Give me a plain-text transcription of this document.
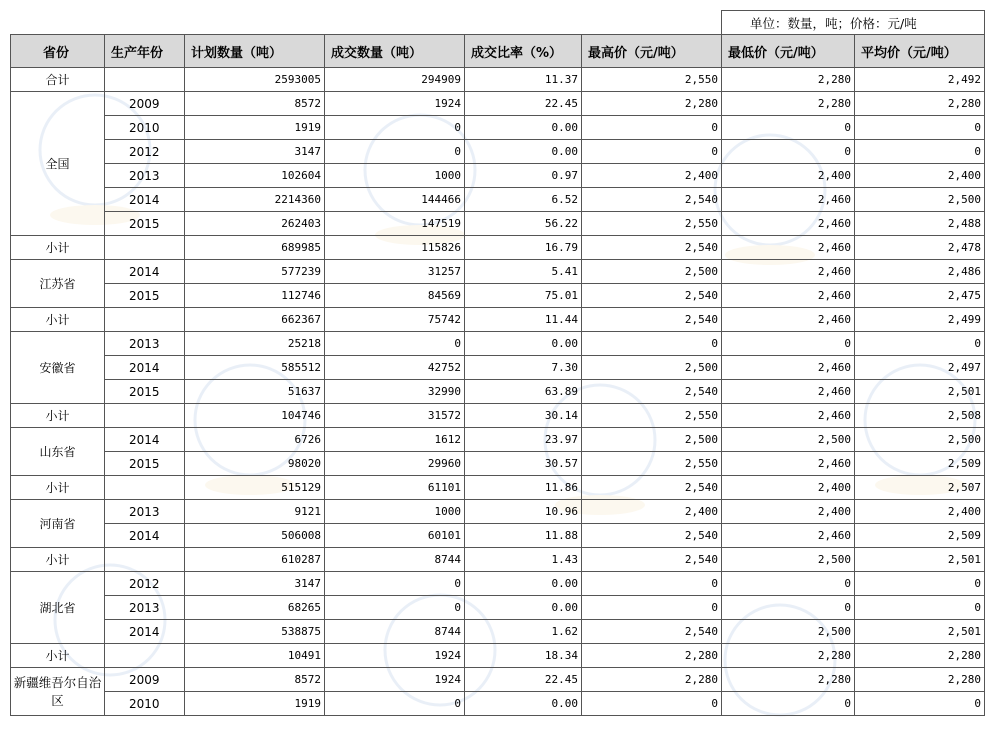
						单位：数量，吨；价格：元/吨	
省份	生产年份	计划数量（吨）	成交数量（吨）	成交比率（%）	最高价（元/吨）	最低价（元/吨）	平均价（元/吨）
合计		2593005	294909	11.37	2,550	2,280	2,492
全国	2009	8572	1924	22.45	2,280	2,280	2,280
	2010	1919	0	0.00	0	0	0
	2012	3147	0	0.00	0	0	0
	2013	102604	1000	0.97	2,400	2,400	2,400
	2014	2214360	144466	6.52	2,540	2,460	2,500
	2015	262403	147519	56.22	2,550	2,460	2,488
小计		689985	115826	16.79	2,540	2,460	2,478
江苏省	2014	577239	31257	5.41	2,500	2,460	2,486
	2015	112746	84569	75.01	2,540	2,460	2,475
小计		662367	75742	11.44	2,540	2,460	2,499
安徽省	2013	25218	0	0.00	0	0	0
	2014	585512	42752	7.30	2,500	2,460	2,497
	2015	51637	32990	63.89	2,540	2,460	2,501
小计		104746	31572	30.14	2,550	2,460	2,508
山东省	2014	6726	1612	23.97	2,500	2,500	2,500
	2015	98020	29960	30.57	2,550	2,460	2,509
小计		515129	61101	11.86	2,540	2,400	2,507
河南省	2013	9121	1000	10.96	2,400	2,400	2,400
	2014	506008	60101	11.88	2,540	2,460	2,509
小计		610287	8744	1.43	2,540	2,500	2,501
湖北省	2012	3147	0	0.00	0	0	0
	2013	68265	0	0.00	0	0	0
	2014	538875	8744	1.62	2,540	2,500	2,501
小计		10491	1924	18.34	2,280	2,280	2,280
新疆维吾尔自治区	2009	8572	1924	22.45	2,280	2,280	2,280
	2010	1919	0	0.00	0	0	0
